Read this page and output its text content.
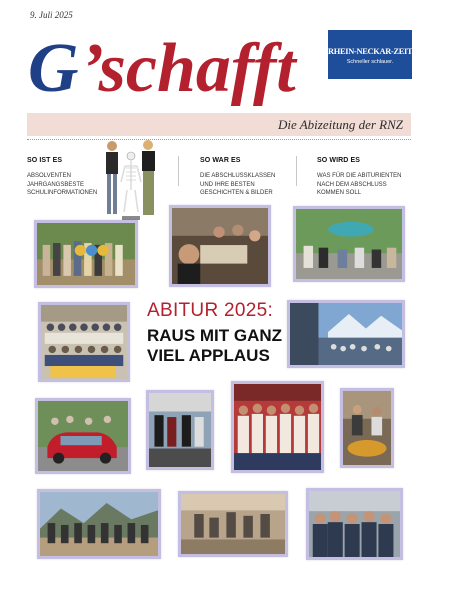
9. Juli 2025
G’schafft	RHEIN-NECKAR-ZEITUNG
Schneller schlauer.
Die Abizeitung der RNZ
SO IST ES

ABSOLVENTEN JAHRGANGSBESTE SCHULINFORMATIONEN

SO WAR ES

DIE ABSCHLUSSKLASSEN UND IHRE BESTEN GESCHICHTEN & BILDER

SO WIRD ES

WAS FÜR DIE ABITURIENTEN NACH DEM ABSCHLUSS KOMMEN SOLL

ABITUR 2025:
RAUS MIT GANZ
VIEL APPLAUS
